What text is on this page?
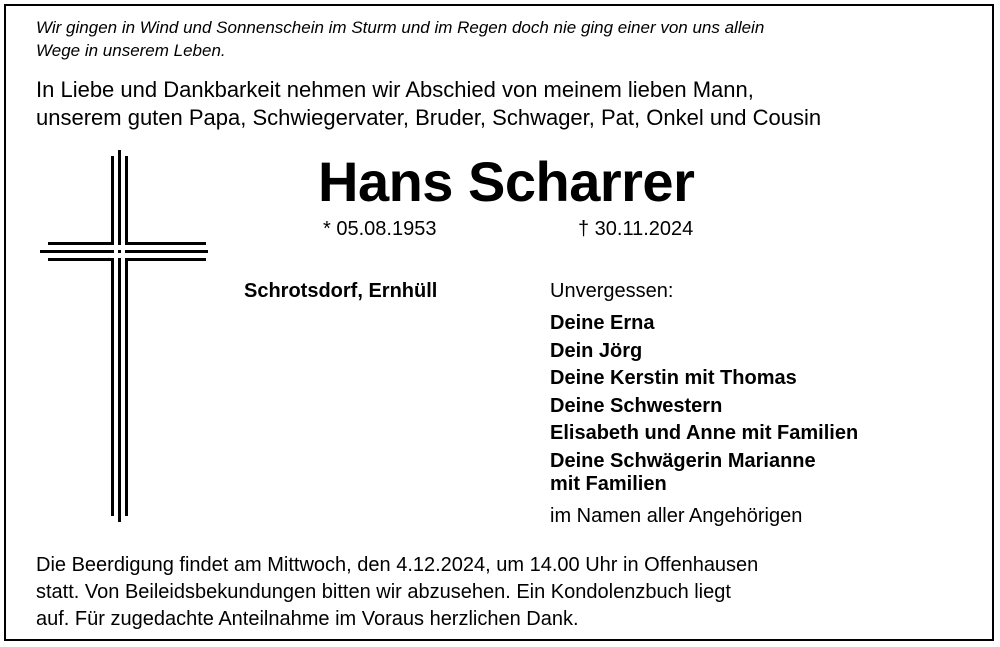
Wir gingen in Wind und Sonnenschein im Sturm und im Regen doch nie ging einer von uns allein
Wege in unserem Leben.
In Liebe und Dankbarkeit nehmen wir Abschied von meinem lieben Mann,
unserem guten Papa, Schwiegervater, Bruder, Schwager, Pat, Onkel und Cousin
Hans Scharrer
* 05.08.1953	† 30.11.2024
Schrotsdorf, Ernhüll	Unvergessen:
Deine Erna
Dein Jörg
Deine Kerstin mit Thomas
Deine Schwestern
Elisabeth und Anne mit Familien
Deine Schwägerin Marianne
mit Familien
im Namen aller Angehörigen
Die Beerdigung findet am Mittwoch, den 4.12.2024, um 14.00 Uhr in Offenhausen
statt. Von Beileidsbekundungen bitten wir abzusehen. Ein Kondolenzbuch liegt
auf. Für zugedachte Anteilnahme im Voraus herzlichen Dank.
